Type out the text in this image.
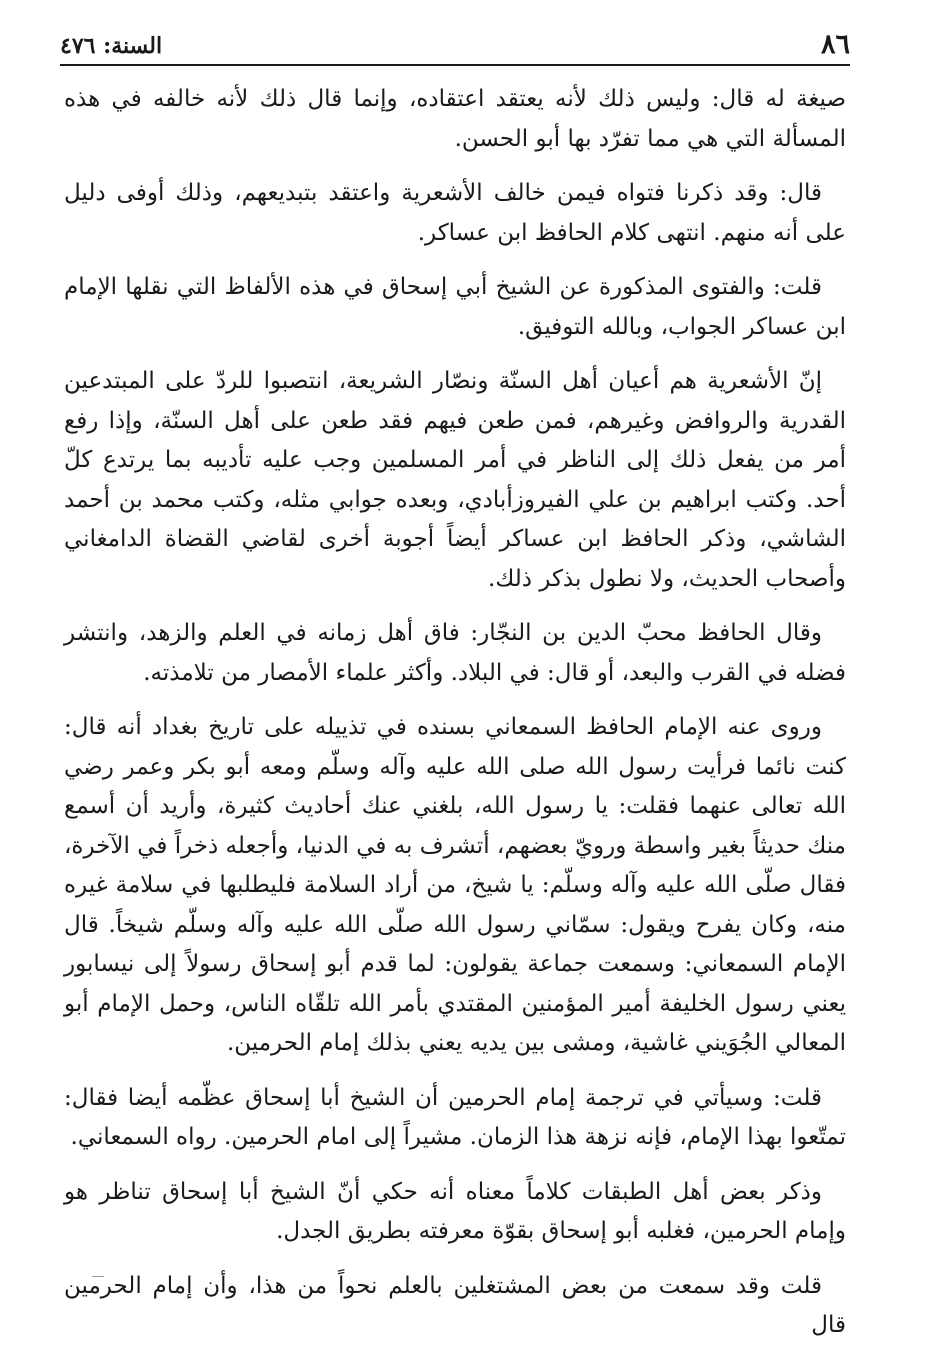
٨٦
السنة: ٤٧٦

صيغة له قال: وليس ذلك لأنه يعتقد اعتقاده، وإنما قال ذلك لأنه خالفه في هذه المسألة التي هي مما تفرّد بها أبو الحسن.

قال: وقد ذكرنا فتواه فيمن خالف الأشعرية واعتقد بتبديعهم، وذلك أوفى دليل على أنه منهم. انتهى كلام الحافظ ابن عساكر.

قلت: والفتوى المذكورة عن الشيخ أبي إسحاق في هذه الألفاظ التي نقلها الإمام ابن عساكر الجواب، وبالله التوفيق.

إنّ الأشعرية هم أعيان أهل السنّة ونصّار الشريعة، انتصبوا للردّ على المبتدعين القدرية والروافض وغيرهم، فمن طعن فيهم فقد طعن على أهل السنّة، وإذا رفع أمر من يفعل ذلك إلى الناظر في أمر المسلمين وجب عليه تأديبه بما يرتدع كلّ أحد. وكتب ابراهيم بن علي الفيروزأبادي، وبعده جوابي مثله، وكتب محمد بن أحمد الشاشي، وذكر الحافظ ابن عساكر أيضاً أجوبة أخرى لقاضي القضاة الدامغاني وأصحاب الحديث، ولا نطول بذكر ذلك.

وقال الحافظ محبّ الدين بن النجّار: فاق أهل زمانه في العلم والزهد، وانتشر فضله في القرب والبعد، أو قال: في البلاد. وأكثر علماء الأمصار من تلامذته.

وروى عنه الإمام الحافظ السمعاني بسنده في تذييله على تاريخ بغداد أنه قال: كنت نائما فرأيت رسول الله صلى الله عليه وآله وسلّم ومعه أبو بكر وعمر رضي الله تعالى عنهما فقلت: يا رسول الله، بلغني عنك أحاديث كثيرة، وأريد أن أسمع منك حديثاً بغير واسطة ورويّ بعضهم، أتشرف به في الدنيا، وأجعله ذخراً في الآخرة، فقال صلّى الله عليه وآله وسلّم: يا شيخ، من أراد السلامة فليطلبها في سلامة غيره منه، وكان يفرح ويقول: سمّاني رسول الله صلّى الله عليه وآله وسلّم شيخاً. قال الإمام السمعاني: وسمعت جماعة يقولون: لما قدم أبو إسحاق رسولاً إلى نيسابور يعني رسول الخليفة أمير المؤمنين المقتدي بأمر الله تلقّاه الناس، وحمل الإمام أبو المعالي الجُوَيني غاشية، ومشى بين يديه يعني بذلك إمام الحرمين.

قلت: وسيأتي في ترجمة إمام الحرمين أن الشيخ أبا إسحاق عظّمه أيضا فقال: تمتّعوا بهذا الإمام، فإنه نزهة هذا الزمان. مشيراً إلى امام الحرمين. رواه السمعاني.

وذكر بعض أهل الطبقات كلاماً معناه أنه حكي أنّ الشيخ أبا إسحاق تناظر هو وإمام الحرمين، فغلبه أبو إسحاق بقوّة معرفته بطريق الجدل.

قلت وقد سمعت من بعض المشتغلين بالعلم نحواً من هذا، وأن إمام الحرمين قال
